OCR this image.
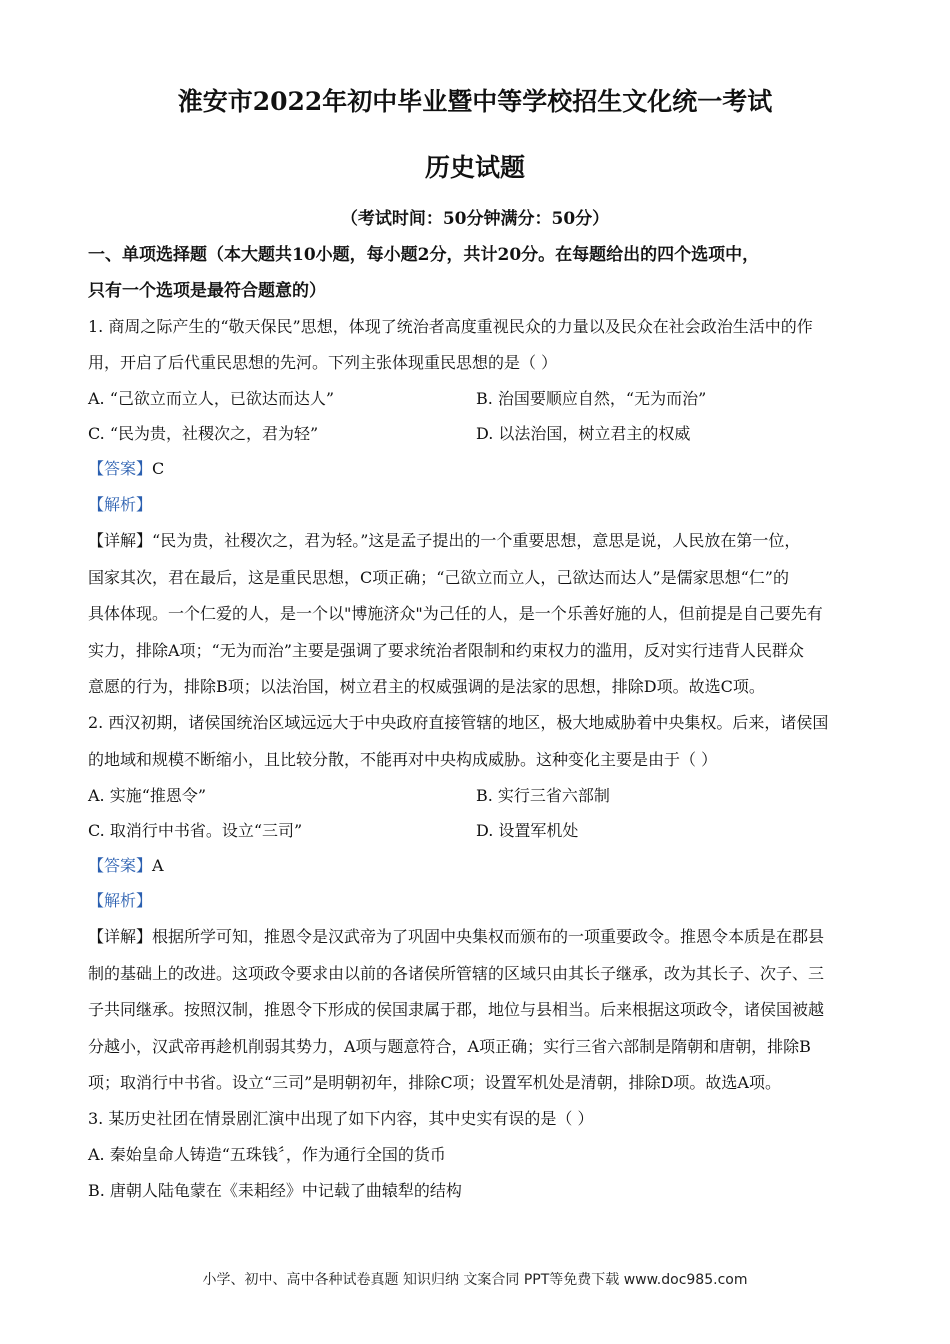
淮安市2022年初中毕业暨中等学校招生文化统一考试
历史试题
（考试时间：50分钟满分：50分）
一、单项选择题（本大题共10小题，每小题2分，共计20分。在每题给出的四个选项中，
只有一个选项是最符合题意的）
1. 商周之际产生的“敬天保民”思想，体现了统治者高度重视民众的力量以及民众在社会政治生活中的作
用，开启了后代重民思想的先河。下列主张体现重民思想的是（ ）
A. “己欲立而立人，已欲达而达人”	B. 治国要顺应自然，“无为而治”
C. “民为贵，社稷次之，君为轻”	D. 以法治国，树立君主的权威
【答案】C
【解析】
【详解】“民为贵，社稷次之，君为轻。”这是孟子提出的一个重要思想，意思是说，人民放在第一位，
国家其次，君在最后，这是重民思想，C项正确；“己欲立而立人，己欲达而达人”是儒家思想“仁”的
具体体现。一个仁爱的人，是一个以"博施济众"为己任的人，是一个乐善好施的人，但前提是自己要先有
实力，排除A项；“无为而治”主要是强调了要求统治者限制和约束权力的滥用，反对实行违背人民群众
意愿的行为，排除B项；以法治国，树立君主的权威强调的是法家的思想，排除D项。故选C项。
2. 西汉初期，诸侯国统治区域远远大于中央政府直接管辖的地区，极大地威胁着中央集权。后来，诸侯国
的地域和规模不断缩小，且比较分散，不能再对中央构成威胁。这种变化主要是由于（ ）
A. 实施“推恩令”	B. 实行三省六部制
C. 取消行中书省。设立“三司”	D. 设置军机处
【答案】A
【解析】
【详解】根据所学可知，推恩令是汉武帝为了巩固中央集权而颁布的一项重要政令。推恩令本质是在郡县
制的基础上的改进。这项政令要求由以前的各诸侯所管辖的区域只由其长子继承，改为其长子、次子、三
子共同继承。按照汉制，推恩令下形成的侯国隶属于郡，地位与县相当。后来根据这项政令，诸侯国被越
分越小，汉武帝再趁机削弱其势力，A项与题意符合，A项正确；实行三省六部制是隋朝和唐朝，排除B
项；取消行中书省。设立“三司”是明朝初年，排除C项；设置军机处是清朝，排除D项。故选A项。
3. 某历史社团在情景剧汇演中出现了如下内容，其中史实有误的是（ ）
A. 秦始皇命人铸造“五珠钱〞，作为通行全国的货币
B. 唐朝人陆龟蒙在《耒耜经》中记载了曲辕犁的结构
小学、初中、高中各种试卷真题 知识归纳 文案合同 PPT等免费下载 www.doc985.com
